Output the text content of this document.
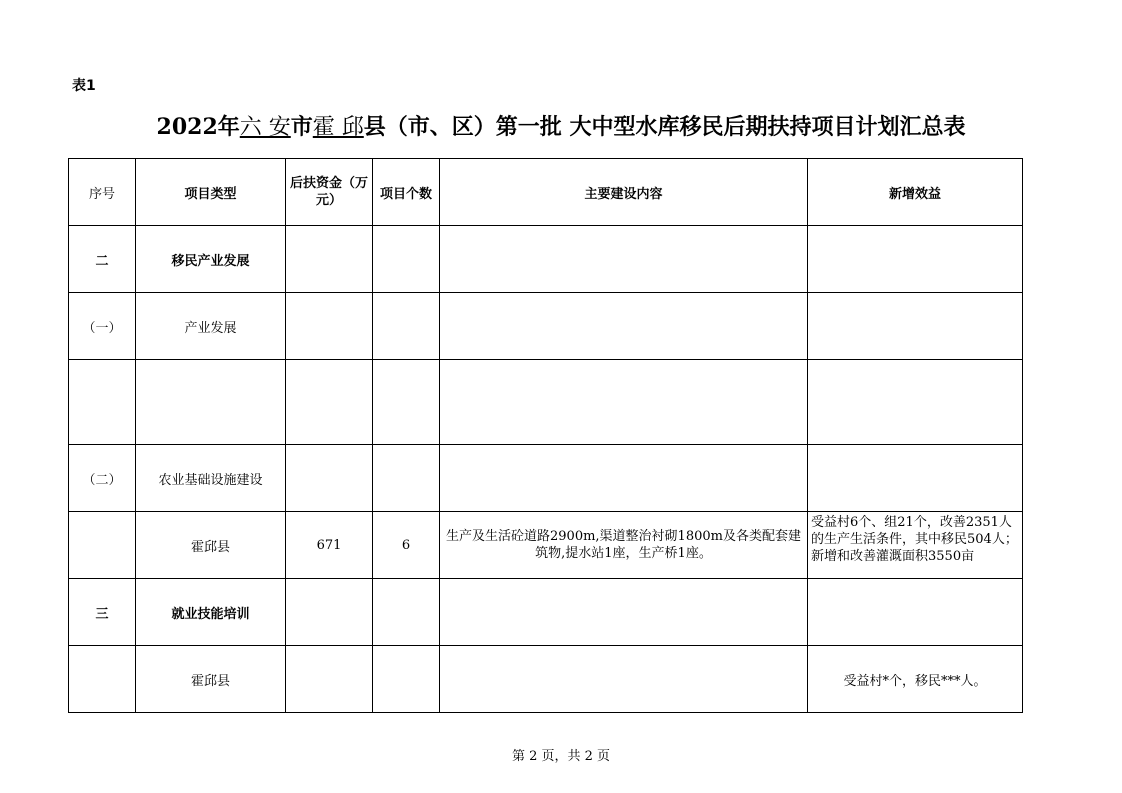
表1
2022年六 安市霍 邱县（市、区）第一批 大中型水库移民后期扶持项目计划汇总表
序号	项目类型	后扶资金（万元）	项目个数	主要建设内容	新增效益
二	移民产业发展				
（一）	产业发展				

（二）	农业基础设施建设				
	霍邱县	671	6	生产及生活砼道路2900m,渠道整治衬砌1800m及各类配套建筑物,提水站1座，生产桥1座。	受益村6个、组21个，改善2351人的生产生活条件，其中移民504人；新增和改善灌溉面积3550亩

三	就业技能培训				
	霍邱县				受益村*个，移民***人。
第 2 页，共 2 页
